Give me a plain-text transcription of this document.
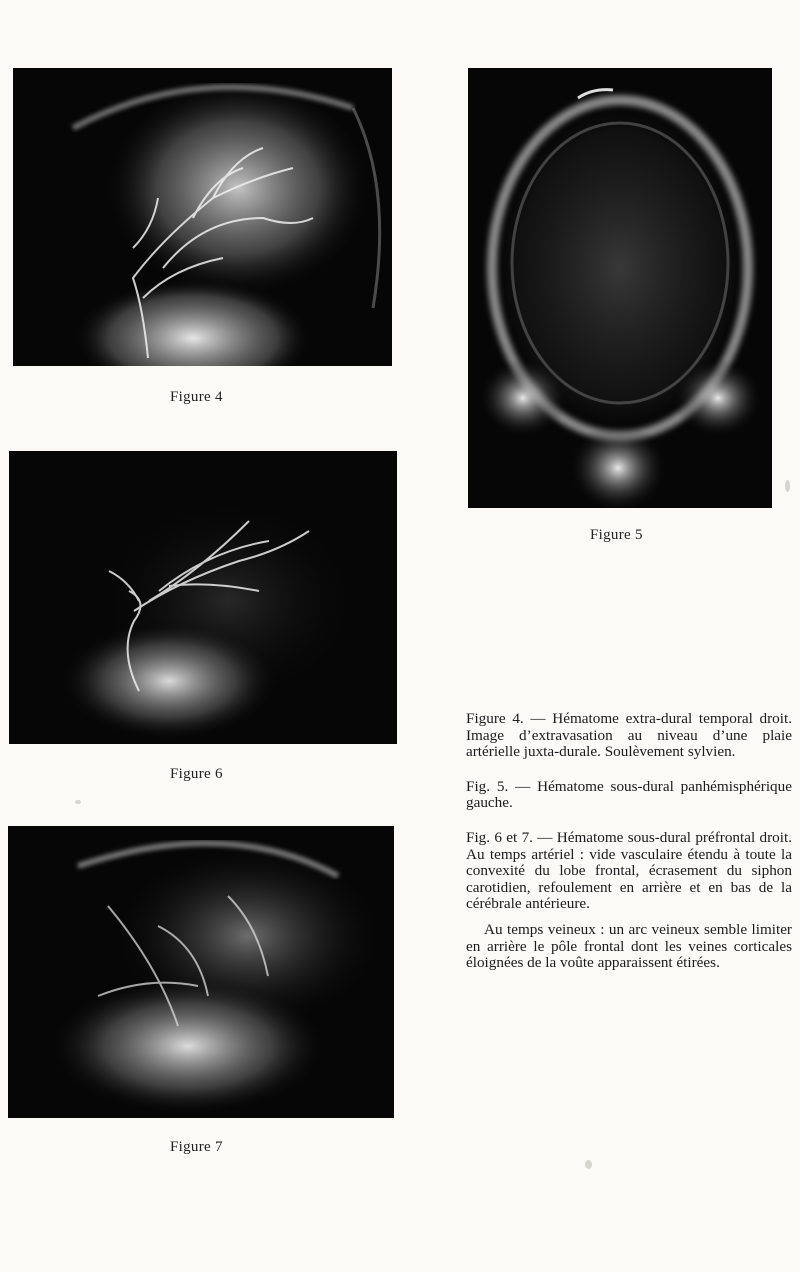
Figure 4
Figure 5
Figure 6
Figure 7

Figure 4. — Hématome extra-dural temporal droit. Image d’extravasation au niveau d’une plaie artérielle juxta-durale. Soulèvement sylvien.

Fig. 5. — Hématome sous-dural panhémisphérique gauche.

Fig. 6 et 7. — Hématome sous-dural préfrontal droit. Au temps artériel : vide vasculaire étendu à toute la convexité du lobe frontal, écrasement du siphon carotidien, refoulement en arrière et en bas de la cérébrale antérieure.

Au temps veineux : un arc veineux semble limiter en arrière le pôle frontal dont les veines corticales éloignées de la voûte apparaissent étirées.
